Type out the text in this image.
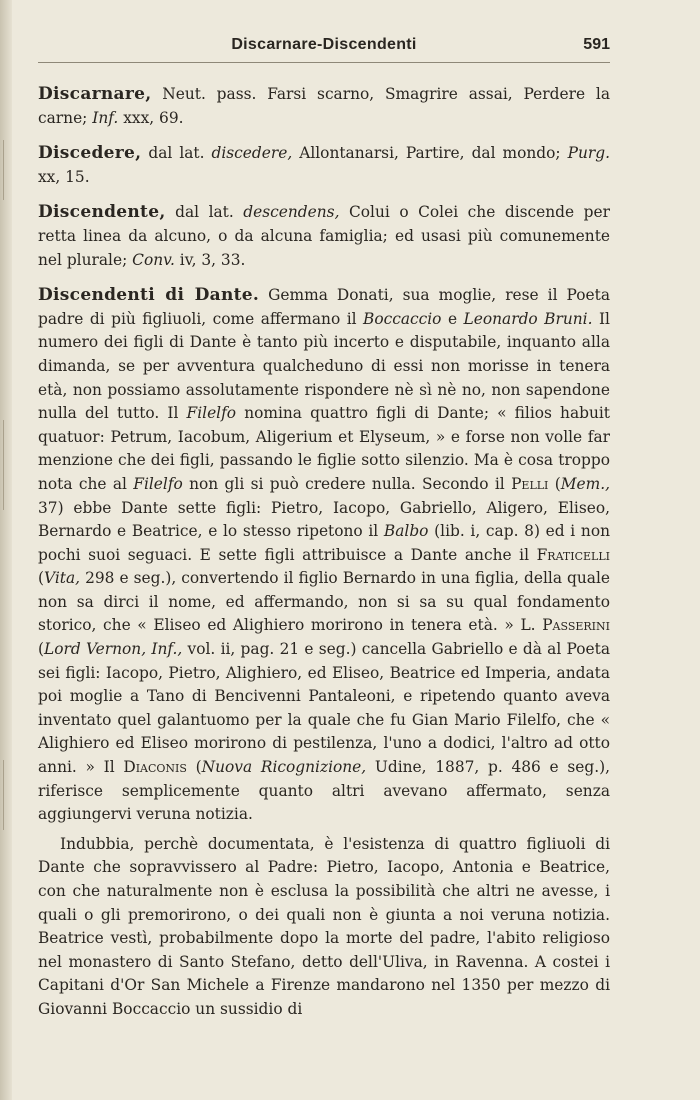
Discarnare-Discendenti	591

Discarnare, Neut. pass. Farsi scarno, Smagrire assai, Perdere la carne; Inf. xxx, 69.

Discedere, dal lat. discedere, Allontanarsi, Partire, dal mondo; Purg. xx, 15.

Discendente, dal lat. descendens, Colui o Colei che discende per retta linea da alcuno, o da alcuna famiglia; ed usasi più comunemente nel plurale; Conv. iv, 3, 33.

Discendenti di Dante. Gemma Donati, sua moglie, rese il Poeta padre di più figliuoli, come affermano il Boccaccio e Leonardo Bruni. Il numero dei figli di Dante è tanto più incerto e disputabile, inquanto alla dimanda, se per avventura qualcheduno di essi non morisse in tenera età, non possiamo assolutamente rispondere nè sì nè no, non sapendone nulla del tutto. Il Filelfo nomina quattro figli di Dante; « filios habuit quatuor: Petrum, Iacobum, Aligerium et Elyseum, » e forse non volle far menzione che dei figli, passando le figlie sotto silenzio. Ma è cosa troppo nota che al Filelfo non gli si può credere nulla. Secondo il Pelli (Mem., 37) ebbe Dante sette figli: Pietro, Iacopo, Gabriello, Aligero, Eliseo, Bernardo e Beatrice, e lo stesso ripetono il Balbo (lib. i, cap. 8) ed i non pochi suoi seguaci. E sette figli attribuisce a Dante anche il Fraticelli (Vita, 298 e seg.), convertendo il figlio Bernardo in una figlia, della quale non sa dirci il nome, ed affermando, non si sa su qual fondamento storico, che « Eliseo ed Alighiero morirono in tenera età. » L. Passerini (Lord Vernon, Inf., vol. ii, pag. 21 e seg.) cancella Gabriello e dà al Poeta sei figli: Iacopo, Pietro, Alighiero, ed Eliseo, Beatrice ed Imperia, andata poi moglie a Tano di Bencivenni Pantaleoni, e ripetendo quanto aveva inventato quel galantuomo per la quale che fu Gian Mario Filelfo, che « Alighiero ed Eliseo morirono di pestilenza, l'uno a dodici, l'altro ad otto anni. » Il Diaconis (Nuova Ricognizione, Udine, 1887, p. 486 e seg.), riferisce semplicemente quanto altri avevano affermato, senza aggiungervi veruna notizia.

Indubbia, perchè documentata, è l'esistenza di quattro figliuoli di Dante che sopravvissero al Padre: Pietro, Iacopo, Antonia e Beatrice, con che naturalmente non è esclusa la possibilità che altri ne avesse, i quali o gli premorirono, o dei quali non è giunta a noi veruna notizia. Beatrice vestì, probabilmente dopo la morte del padre, l'abito religioso nel monastero di Santo Stefano, detto dell'Uliva, in Ravenna. A costei i Capitani d'Or San Michele a Firenze mandarono nel 1350 per mezzo di Giovanni Boccaccio un sussidio di
